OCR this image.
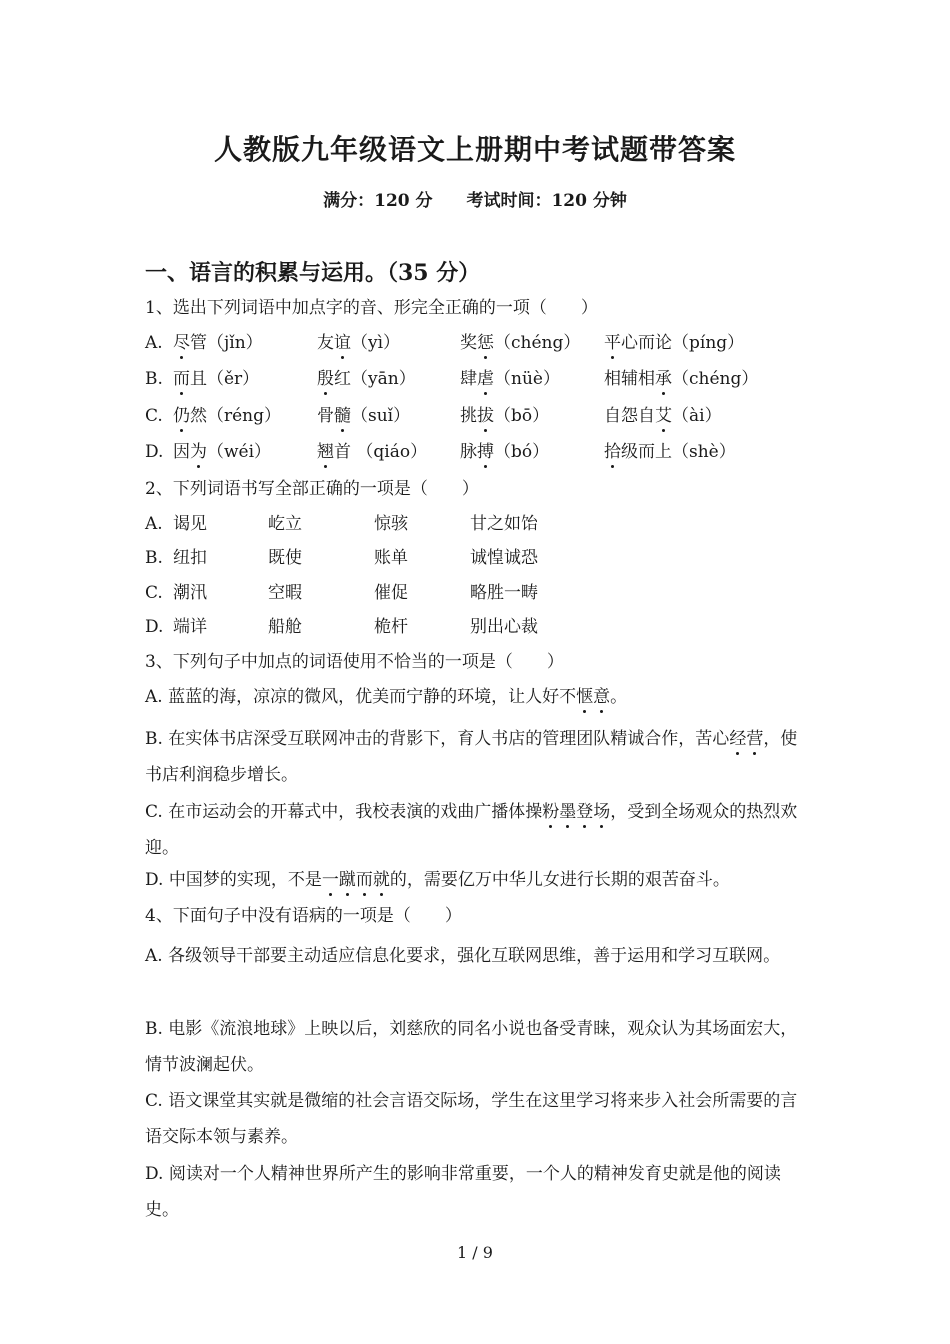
人教版九年级语文上册期中考试题带答案
满分：120 分 考试时间：120 分钟
一、语言的积累与运用。（35 分）
1、选出下列词语中加点字的音、形完全正确的一项（　　）
A. 尽管（jǐn）	友谊（yì）	奖惩（chéng） 平心而论（píng）
B. 而且（ěr）	殷红（yān）	肆虐（nüè）	相辅相承（chéng）
C. 仍然（réng） 骨髓（suǐ）	挑拔（bō）	自怨自艾（ài）
D. 因为（wéi）	翘首 （qiáo） 脉搏（bó）	拾级而上（shè）
2、下列词语书写全部正确的一项是（　　）
A. 谒见	屹立	惊骇	甘之如饴
B. 纽扣	既使	账单	诚惶诚恐
C. 潮汛	空暇	催促	略胜一畴
D. 端详	船舱	桅杆	别出心裁
3、下列句子中加点的词语使用不恰当的一项是（　　）
A. 蓝蓝的海，凉凉的微风，优美而宁静的环境，让人好不惬意。
B. 在实体书店深受互联网冲击的背影下，育人书店的管理团队精诚合作，苦心经营，使书店利润稳步增长。
C. 在市运动会的开幕式中，我校表演的戏曲广播体操粉墨登场，受到全场观众的热烈欢迎。
D. 中国梦的实现，不是一蹴而就的，需要亿万中华儿女进行长期的艰苦奋斗。
4、下面句子中没有语病的一项是（　　）
A. 各级领导干部要主动适应信息化要求，强化互联网思维，善于运用和学习互联网。
B. 电影《流浪地球》上映以后，刘慈欣的同名小说也备受青睐，观众认为其场面宏大，情节波澜起伏。
C. 语文课堂其实就是微缩的社会言语交际场，学生在这里学习将来步入社会所需要的言语交际本领与素养。
D. 阅读对一个人精神世界所产生的影响非常重要，一个人的精神发育史就是他的阅读史。
1 / 9
